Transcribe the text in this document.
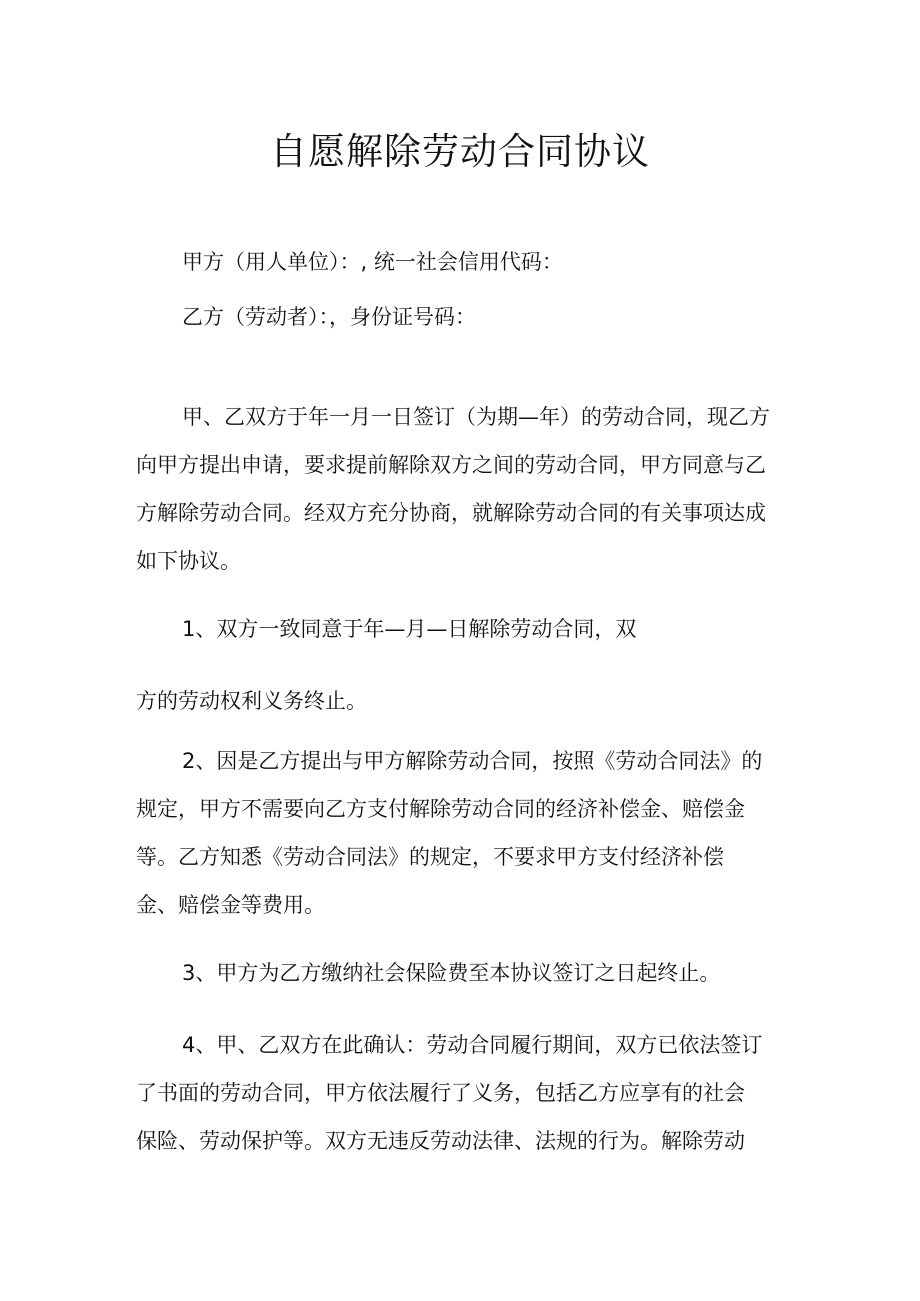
自愿解除劳动合同协议
甲方（用人单位）：, 统一社会信用代码：
乙方（劳动者）：，身份证号码：
甲、乙双方于年一月一日签订（为期—年）的劳动合同，现乙方
向甲方提出申请，要求提前解除双方之间的劳动合同，甲方同意与乙
方解除劳动合同。经双方充分协商，就解除劳动合同的有关事项达成
如下协议。
1、双方一致同意于年—月—日解除劳动合同，双
方的劳动权利义务终止。
2、因是乙方提出与甲方解除劳动合同，按照《劳动合同法》的
规定，甲方不需要向乙方支付解除劳动合同的经济补偿金、赔偿金
等。乙方知悉《劳动合同法》的规定，不要求甲方支付经济补偿
金、赔偿金等费用。
3、甲方为乙方缴纳社会保险费至本协议签订之日起终止。
4、甲、乙双方在此确认：劳动合同履行期间，双方已依法签订
了书面的劳动合同，甲方依法履行了义务，包括乙方应享有的社会
保险、劳动保护等。双方无违反劳动法律、法规的行为。解除劳动
